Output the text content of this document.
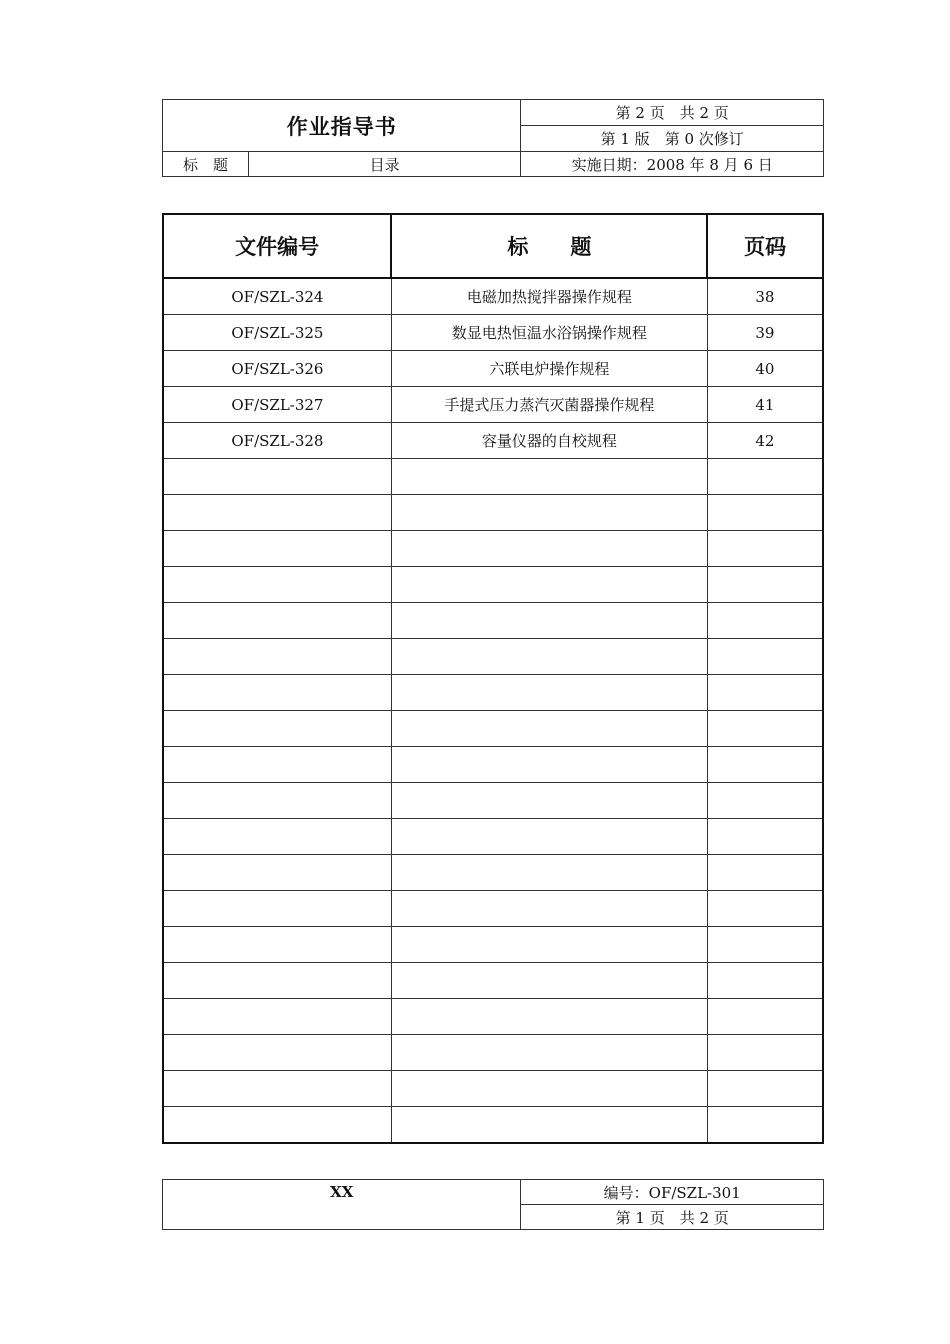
作业指导书		第 2 页　共 2 页
		第 1 版　第 0 次修订
标　题	目录	实施日期：2008 年 8 月 6 日
文件编号	标　　题	页码
OF/SZL-324	电磁加热搅拌器操作规程	38
OF/SZL-325	数显电热恒温水浴锅操作规程	39
OF/SZL-326	六联电炉操作规程	40
OF/SZL-327	手提式压力蒸汽灭菌器操作规程	41
OF/SZL-328	容量仪器的自校规程	42

XX	编号：OF/SZL-301
第 1 页　共 2 页
